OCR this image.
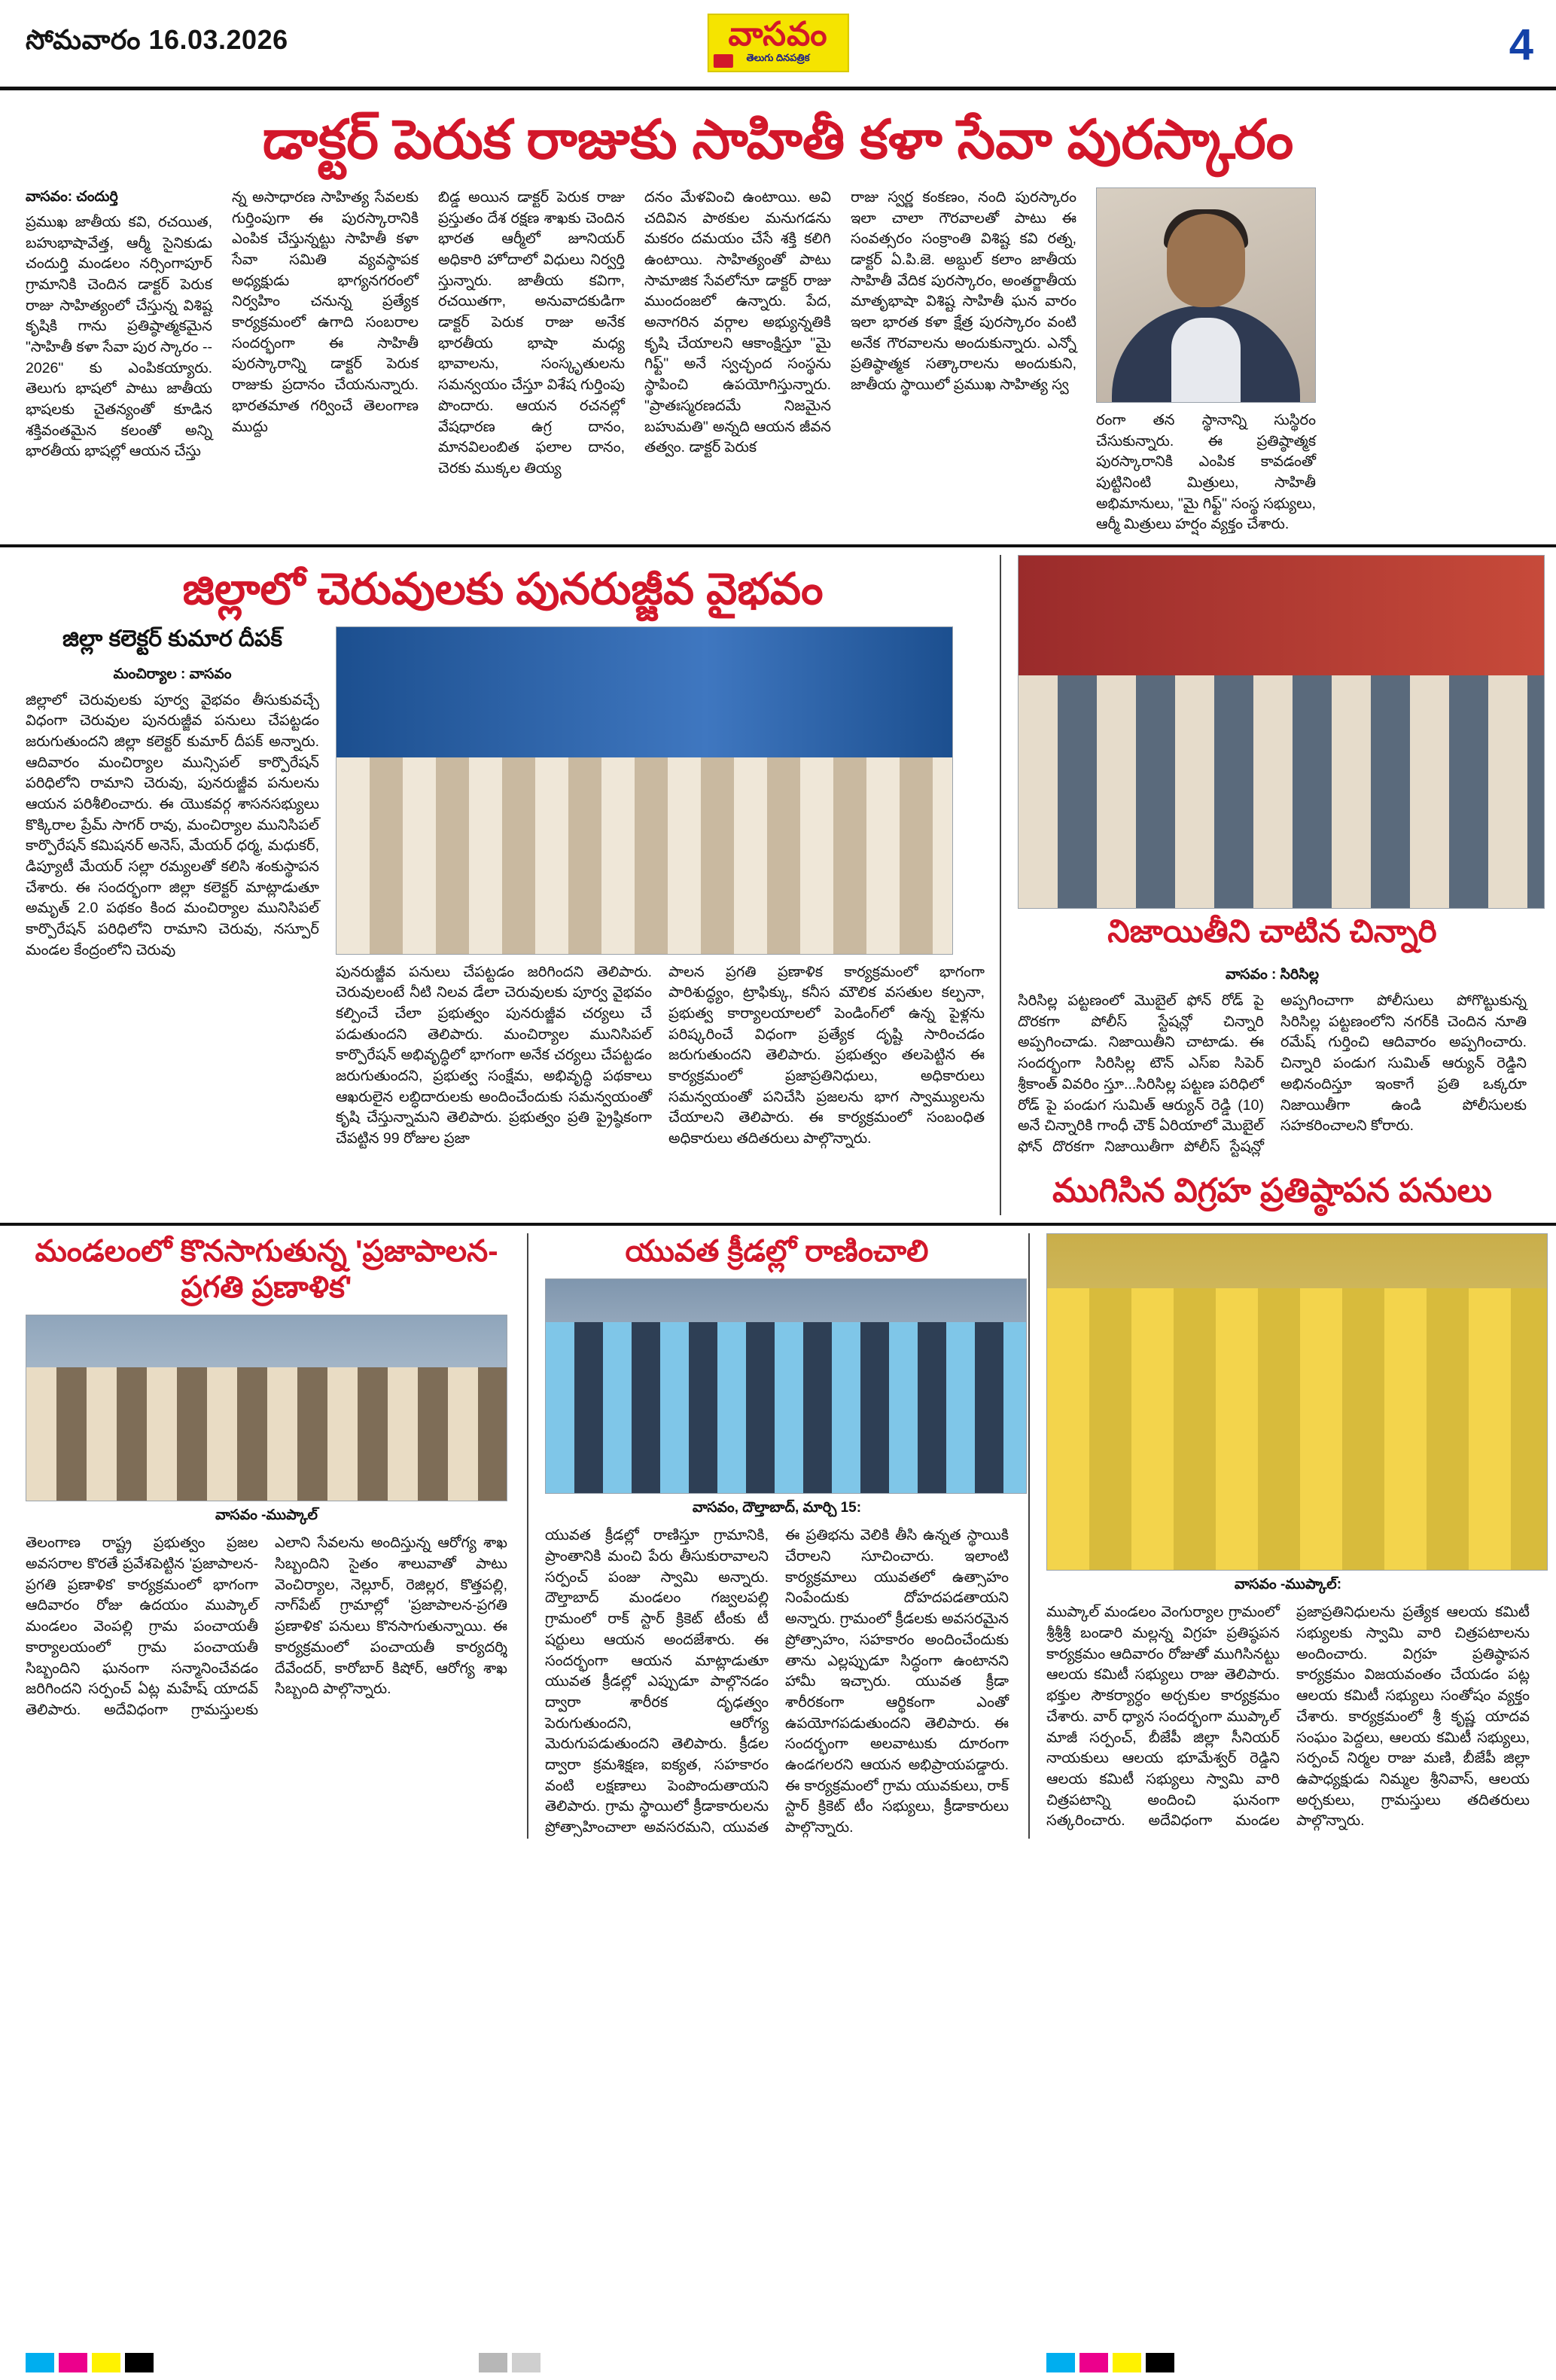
సోమవారం 16.03.2026	వాసవం
తెలుగు దినపత్రిక	4
డాక్టర్ పెరుక రాజుకు సాహితీ కళా సేవా పురస్కారం
వాసవం: చందుర్తి

ప్రముఖ జాతీయ కవి, రచయిత, బహుభాషావేత్త, ఆర్మీ సైనికుడు చందుర్తి మండలం నర్సింగాపూర్ గ్రామానికి చెందిన డాక్టర్ పెరుక రాజు సాహిత్యంలో చేస్తున్న విశిష్ట కృషికి గాను ప్రతిష్ఠాత్మకమైన "సాహితీ కళా సేవా పుర స్కారం -- 2026" కు ఎంపికయ్యారు. తెలుగు భాషలో పాటు జాతీయ భాషలకు చైతన్యంతో కూడిన శక్తివంతమైన కలంతో అన్ని భారతీయ భాషల్లో ఆయన చేస్తు

న్న అసాధారణ సాహిత్య సేవలకు గుర్తింపుగా ఈ పురస్కారానికి ఎంపిక చేస్తున్నట్టు సాహితీ కళా సేవా సమితి వ్యవస్థాపక అధ్యక్షుడు భాగ్యనగరంలో నిర్వహిం చనున్న ప్రత్యేక కార్యక్రమంలో ఉగాది సంబరాల సందర్భంగా ఈ సాహితీ పురస్కారాన్ని డాక్టర్ పెరుక రాజుకు ప్రదానం చేయనున్నారు. భారతమాత గర్వించే తెలంగాణ ముద్దు

బిడ్డ అయిన డాక్టర్ పెరుక రాజు ప్రస్తుతం దేశ రక్షణ శాఖకు చెందిన భారత ఆర్మీలో జూనియర్ అధికారి హోదాలో విధులు నిర్వర్తి స్తున్నారు. జాతీయ కవిగా, రచయితగా, అనువాదకుడిగా డాక్టర్ పెరుక రాజు అనేక భారతీయ భాషా మధ్య భావాలను, సంస్కృతులను సమన్వయం చేస్తూ విశేష గుర్తింపు పొందారు. ఆయన రచనల్లో వేషధారణ ఉగ్ర దానం, మానవిలంబిత ఫలాల దానం, చెరకు ముక్కల తియ్య

దనం మేళవించి ఉంటాయి. అవి చదివిన పాఠకుల మనుగడను మకరం దమయం చేసే శక్తి కలిగి ఉంటాయి. సాహిత్యంతో పాటు సామాజిక సేవలోనూ డాక్టర్ రాజు ముందంజలో ఉన్నారు. పేద, అనాగరిన వర్గాల అభ్యున్నతికి కృషి చేయాలని ఆకాంక్షిస్తూ "మై గిఫ్ట్" అనే స్వచ్ఛంద సంస్థను స్థాపించి ఉపయోగిస్తున్నారు. "ప్రాతఃస్మరణదమే నిజమైన బహుమతి" అన్నది ఆయన జీవన తత్వం. డాక్టర్ పెరుక

రాజు స్వర్ణ కంకణం, నంది పురస్కారం ఇలా చాలా గౌరవాలతో పాటు ఈ సంవత్సరం సంక్రాంతి విశిష్ట కవి రత్న, డాక్టర్ ఏ.పి.జె. అబ్దుల్ కలాం జాతీయ సాహితీ వేదిక పురస్కారం, అంతర్జాతీయ మాతృభాషా విశిష్ట సాహితీ ఘన వారం ఇలా భారత కళా క్షేత్ర పురస్కారం వంటి అనేక గౌరవాలను అందుకున్నారు. ఎన్నో ప్రతిష్ఠాత్మక సత్కారాలను అందుకుని, జాతీయ స్థాయిలో ప్రముఖ సాహిత్య స్వ

రంగా తన స్థానాన్ని సుస్థిరం చేసుకున్నారు. ఈ ప్రతిష్ఠాత్మక పురస్కారానికి ఎంపిక కావడంతో పుట్టినింటి మిత్రులు, సాహితీ అభిమానులు, "మై గిఫ్ట్" సంస్థ సభ్యులు, ఆర్మీ మిత్రులు హర్షం వ్యక్తం చేశారు.
జిల్లాలో చెరువులకు పునరుజ్జీవ వైభవం
జిల్లా కలెక్టర్ కుమార దీపక్
మంచిర్యాల : వాసవం
జిల్లాలో చెరువులకు పూర్వ వైభవం తీసుకువచ్చే విధంగా చెరువుల పునరుజ్జీవ పనులు చేపట్టడం జరుగుతుందని జిల్లా కలెక్టర్ కుమార్ దీపక్ అన్నారు. ఆదివారం మంచిర్యాల మున్సిపల్ కార్పొరేషన్ పరిధిలోని రామాని చెరువు, పునరుజ్జీవ పనులను ఆయన పరిశీలించారు. ఈ యొకవర్గ శాసనసభ్యులు కొక్కిరాల ప్రేమ్ సాగర్ రావు, మంచిర్యాల మునిసిపల్ కార్పొరేషన్ కమిషనర్ అనెస్, మేయర్ ధర్మ, మధుకర్, డిప్యూటీ మేయర్ సల్లా రమ్యలతో కలిసి శంకుస్థాపన చేశారు. ఈ సందర్భంగా జిల్లా కలెక్టర్ మాట్లాడుతూ అమృత్ 2.0 పథకం కింద మంచిర్యాల మునిసిపల్ కార్పొరేషన్ పరిధిలోని రామాని చెరువు, నస్పూర్ మండల కేంద్రంలోని చెరువు
పునరుజ్జీవ పనులు చేపట్టడం జరిగిందని తెలిపారు. చెరువులంటే నీటి నిలవ డేలా చెరువులకు పూర్వ వైభవం కల్పించే చేలా ప్రభుత్వం పునరుజ్జీవ చర్యలు చే పడుతుందని తెలిపారు. మంచిర్యాల మునిసిపల్ కార్పొరేషన్ అభివృద్ధిలో భాగంగా అనేక చర్యలు చేపట్టడం జరుగుతుందని, ప్రభుత్వ సంక్షేమ, అభివృద్ధి పథకాలు ఆఖరులైన లబ్ధిదారులకు అందించేందుకు సమన్వయంతో కృషి చేస్తున్నామని తెలిపారు. ప్రభుత్వం ప్రతి ప్రైష్ఠికంగా చేపట్టిన 99 రోజుల ప్రజా
పాలన ప్రగతి ప్రణాళిక కార్యక్రమంలో భాగంగా పారిశుద్ధ్యం, ట్రాఫిక్కు, కనీస మౌలిక వసతుల కల్పనా, ప్రభుత్వ కార్యాలయాలలో పెండింగ్‌లో ఉన్న పైళ్లను పరిష్కరించే విధంగా ప్రత్యేక దృష్టి సారించడం జరుగుతుందని తెలిపారు. ప్రభుత్వం తలపెట్టిన ఈ కార్యక్రమంలో ప్రజాప్రతినిధులు, అధికారులు సమన్వయంతో పనిచేసి ప్రజలను భాగ స్వామ్యులను చేయాలని తెలిపారు. ఈ కార్యక్రమంలో సంబంధిత అధికారులు తదితరులు పాల్గొన్నారు.
నిజాయితీని చాటిన చిన్నారి
వాసవం : సిరిసిల్ల
సిరిసిల్ల పట్టణంలో మొబైల్ ఫోన్ రోడ్ పై దొరకగా పోలీస్ స్టేషన్లో చిన్నారి అప్పగించాడు. నిజాయితీని చాటాడు. ఈ సందర్భంగా సిరిసిల్ల టౌన్ ఎస్ఐ సిపెర్ శ్రీకాంత్ వివరిం స్తూ...సిరిసిల్ల పట్టణ పరిధిలో రోడ్ పై పండుగ సుమిత్ ఆర్యున్ రెడ్డి (10) అనే చిన్నారికి గాంధీ చౌక్ ఏరియాలో మొబైల్ ఫోన్ దొరకగా నిజాయితీగా పోలీస్ స్టేషన్లో అప్పగించాగా పోలీసులు పోగొట్టుకున్న సిరిసిల్ల పట్టణంలోని నగర్‌కి చెందిన నూతి రమేష్ గుర్తించి ఆదివారం అప్పగించారు. చిన్నారి పండుగ సుమిత్ ఆర్యున్ రెడ్డిని అభినందిస్తూ ఇంకాగే ప్రతి ఒక్కరూ నిజాయితీగా ఉండి పోలీసులకు సహకరించాలని కోరారు.
ముగిసిన విగ్రహ ప్రతిష్ఠాపన పనులు
మండలంలో కొనసాగుతున్న 'ప్రజాపాలన-ప్రగతి ప్రణాళిక'
వాసవం -ముప్కాల్
తెలంగాణ రాష్ట్ర ప్రభుత్వం ప్రజల అవసరాల కొరతే ప్రవేశపెట్టిన 'ప్రజాపాలన-ప్రగతి ప్రణాళిక' కార్యక్రమంలో భాగంగా ఆదివారం రోజు ఉదయం ముప్కాల్ మండలం వెంపల్లి గ్రామ పంచాయతీ కార్యాలయంలో గ్రామ పంచాయతీ సిబ్బందిని ఘనంగా సన్మానించేవడం జరిగిందని సర్పంచ్ ఏట్ల మహేష్ యాదవ్ తెలిపారు. అదేవిధంగా గ్రామస్తులకు ఎలాని సేవలను అందిస్తున్న ఆరోగ్య శాఖ సిబ్బందిని సైతం శాలువాతో పాటు వెంచిర్యాల, నెల్లూర్, రెజిల్లర, కొత్తపల్లి, నాగ్‌పేట్ గ్రామాల్లో 'ప్రజాపాలన-ప్రగతి ప్రణాళిక' పనులు కొనసాగుతున్నాయి. ఈ కార్యక్రమంలో పంచాయతీ కార్యదర్శి దేవేందర్, కారోబార్ కిషోర్, ఆరోగ్య శాఖ సిబ్బంది పాల్గొన్నారు.
యువత క్రీడల్లో రాణించాలి
వాసవం, దౌల్తాబాద్, మార్చి 15:
యువత క్రీడల్లో రాణిస్తూ గ్రామానికి, ప్రాంతానికి మంచి పేరు తీసుకురావాలని సర్పంచ్ పంజు స్వామి అన్నారు. దౌల్తాబాద్ మండలం గజ్వలపల్లి గ్రామంలో రాక్ స్టార్ క్రికెట్ టీం‌కు టీ షర్టులు ఆయన అందజేశారు. ఈ సందర్భంగా ఆయన మాట్లాడుతూ యువత క్రీడల్లో ఎప్పుడూ పాల్గొనడం ద్వారా శారీరక దృఢత్వం పెరుగుతుందని, ఆరోగ్య మెరుగుపడుతుందని తెలిపారు. క్రీడల ద్వారా క్రమశిక్షణ, ఐక్యత, సహకారం వంటి లక్షణాలు పెంపొందుతాయని తెలిపారు. గ్రామ స్థాయిలో క్రీడాకారులను ప్రోత్సాహించాలా అవసరమని, యువత ఈ ప్రతిభను వెలికి తీసి ఉన్నత స్థాయికి చేరాలని సూచించారు. ఇలాంటి కార్యక్రమాలు యువతలో ఉత్సాహం నింపేందుకు దోహదపడతాయని అన్నారు. గ్రామంలో క్రీడలకు అవసరమైన ప్రోత్సాహం, సహకారం అందించేందుకు తాను ఎల్లప్పుడూ సిద్ధంగా ఉంటానని హామీ ఇచ్చారు. యువత క్రీడా శారీరకంగా ఆర్థికంగా ఎంతో ఉపయోగపడుతుందని తెలిపారు. ఈ సందర్భంగా అలవాటుకు దూరంగా ఉండగలరని ఆయన అభిప్రాయపడ్డారు. ఈ కార్యక్రమంలో గ్రామ యువకులు, రాక్ స్టార్ క్రికెట్ టీం సభ్యులు, క్రీడాకారులు పాల్గొన్నారు.
వాసవం -ముప్కాల్:
ముప్కాల్ మండలం వెంగుర్యాల గ్రామంలో శ్రీశ్రీశ్రీ బండారి మల్లన్న విగ్రహ ప్రతిష్ఠపన కార్యక్రమం ఆదివారం రోజుతో ముగిసినట్టు ఆలయ కమిటీ సభ్యులు రాజు తెలిపారు. భక్తుల సౌకర్యార్ధం అర్చకుల కార్యక్రమం చేశారు. వార్ ధ్యాన సందర్భంగా ముప్కాల్ మాజీ సర్పంచ్, బీజేపీ జిల్లా సీనియర్ నాయకులు ఆలయ భూమేశ్వర్ రెడ్డిని ఆలయ కమిటీ సభ్యులు స్వామి వారి చిత్రపటాన్ని అందించి ఘనంగా సత్కరించారు. అదేవిధంగా మండల ప్రజాప్రతినిధులను ప్రత్యేక ఆలయ కమిటీ సభ్యులకు స్వామి వారి చిత్రపటాలను అందించారు. విగ్రహ ప్రతిష్ఠాపన కార్యక్రమం విజయవంతం చేయడం పట్ల ఆలయ కమిటీ సభ్యులు సంతోషం వ్యక్తం చేశారు. కార్యక్రమంలో శ్రీ కృష్ణ యాదవ సంఘం పెద్దలు, ఆలయ కమిటీ సభ్యులు, సర్పంచ్ నిర్మల రాజు మణి, బీజేపీ జిల్లా ఉపాధ్యక్షుడు నిమ్మల శ్రీనివాస్, ఆలయ అర్చకులు, గ్రామస్తులు తదితరులు పాల్గొన్నారు.
